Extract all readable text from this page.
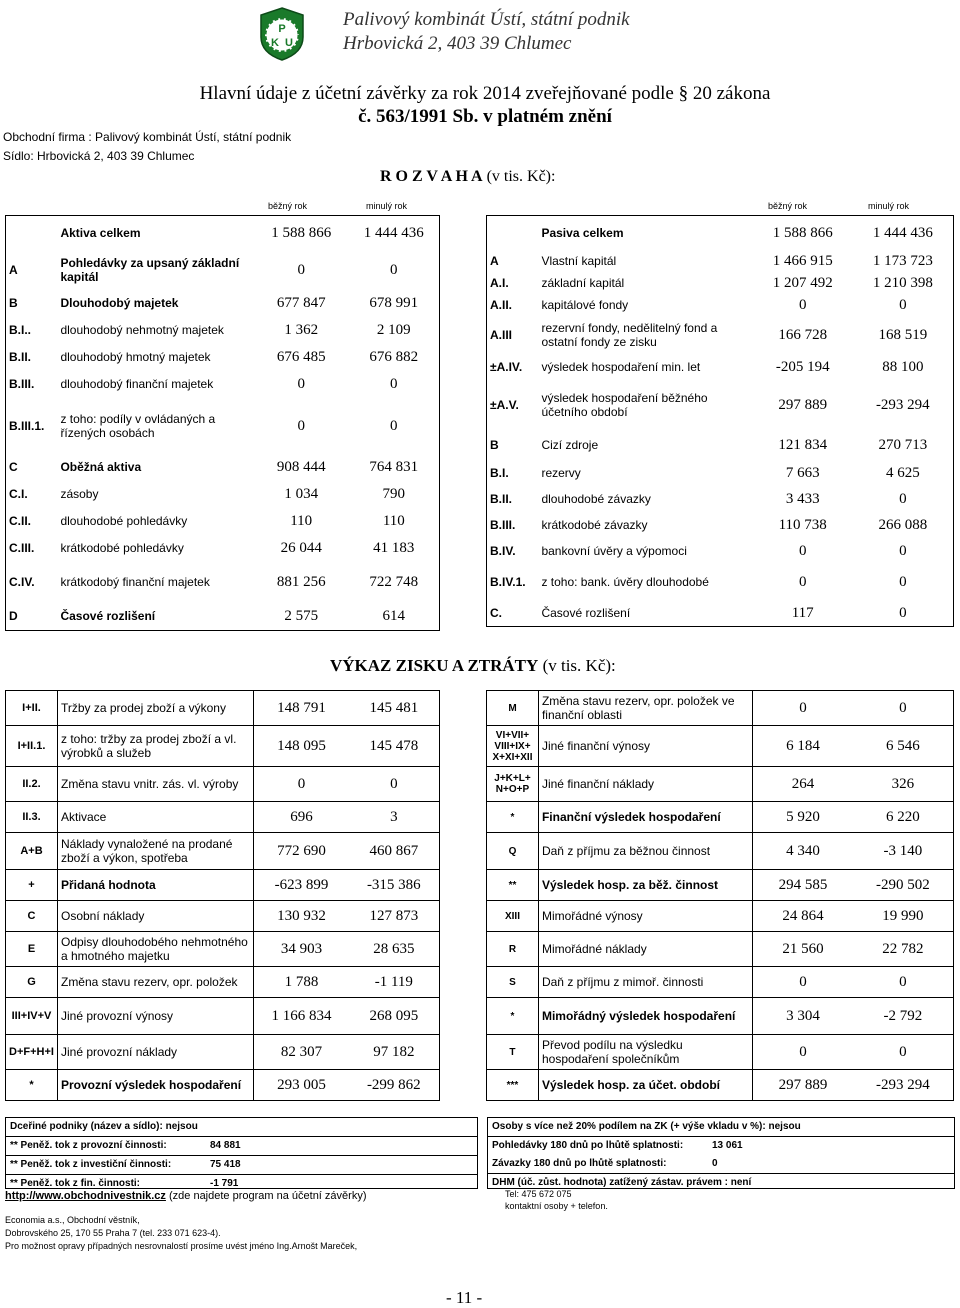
P
K U
Palivový kombinát Ústí, státní podnik
Hrbovická 2, 403 39 Chlumec
Hlavní údaje z účetní závěrky za rok 2014 zveřejňované podle § 20 zákona
č. 563/1991 Sb. v platném znění
Obchodní firma : Palivový kombinát Ústí, státní podnik
Sídlo: Hrbovická 2, 403 39 Chlumec
R O Z V A H A (v tis. Kč):
běžný rok	minulý rok	běžný rok	minulý rok
	Aktiva celkem	1 588 866	1 444 436
A	Pohledávky za upsaný základní kapitál	0	0
B	Dlouhodobý majetek	677 847	678 991
B.I..	dlouhodobý nehmotný majetek	1 362	2 109
B.II.	dlouhodobý hmotný majetek	676 485	676 882
B.III.	dlouhodobý finanční majetek	0	0
B.III.1.	z toho: podíly v ovládaných a řízených osobách	0	0
C	Oběžná aktiva	908 444	764 831
C.I.	zásoby	1 034	790
C.II.	dlouhodobé pohledávky	110	110
C.III.	krátkodobé pohledávky	26 044	41 183
C.IV.	krátkodobý finanční majetek	881 256	722 748
D	Časové rozlišení	2 575	614
	Pasiva celkem	1 588 866	1 444 436
A	Vlastní kapitál	1 466 915	1 173 723
A.I.	základní kapitál	1 207 492	1 210 398
A.II.	kapitálové fondy	0	0
A.III	rezervní fondy, nedělitelný fond a ostatní fondy ze zisku	166 728	168 519
±A.IV.	výsledek hospodaření min. let	-205 194	88 100
±A.V.	výsledek hospodaření běžného účetního období	297 889	-293 294
B	Cizí zdroje	121 834	270 713
B.I.	rezervy	7 663	4 625
B.II.	dlouhodobé závazky	3 433	0
B.III.	krátkodobé závazky	110 738	266 088
B.IV.	bankovní úvěry a výpomoci	0	0
B.IV.1.	z toho: bank. úvěry dlouhodobé	0	0
C.	Časové rozlišení	117	0
VÝKAZ ZISKU A ZTRÁTY (v tis. Kč):
I+II.	Tržby za prodej zboží a výkony	148 791	145 481
I+II.1.	z toho: tržby za prodej zboží a vl. výrobků a služeb	148 095	145 478
II.2.	Změna stavu vnitr. zás. vl. výroby	0	0
II.3.	Aktivace	696	3
A+B	Náklady vynaložené na prodané zboží a výkon, spotřeba	772 690	460 867
+	Přidaná hodnota	-623 899	-315 386
C	Osobní náklady	130 932	127 873
E	Odpisy dlouhodobého nehmotného a hmotného majetku	34 903	28 635
G	Změna stavu rezerv, opr. položek	1 788	-1 119
III+IV+V	Jiné provozní výnosy	1 166 834	268 095
D+F+H+I	Jiné provozní náklady	82 307	97 182
*	Provozní výsledek hospodaření	293 005	-299 862
M	Změna stavu rezerv, opr. položek ve finanční oblasti	0	0
VI+VII+ VIII+IX+ X+XI+XII	Jiné finanční výnosy	6 184	6 546
J+K+L+ N+O+P	Jiné finanční náklady	264	326
*	Finanční výsledek hospodaření	5 920	6 220
Q	Daň z příjmu za běžnou činnost	4 340	-3 140
**	Výsledek hosp. za běž. činnost	294 585	-290 502
XIII	Mimořádné výnosy	24 864	19 990
R	Mimořádné náklady	21 560	22 782
S	Daň z příjmu z mimoř. činnosti	0	0
*	Mimořádný výsledek hospodaření	3 304	-2 792
T	Převod podílu na výsledku hospodaření společníkům	0	0
***	Výsledek hosp. za účet. období	297 889	-293 294
Dceřiné podniky (název a sídlo): nejsou
** Peněž. tok z provozní činnosti:	84 881
** Peněž. tok z investiční činnosti:	75 418
** Peněž. tok z fin. činnosti:	-1 791
Osoby s více než 20% podílem na ZK (+ výše vkladu v %): nejsou
Pohledávky 180 dnů po lhůtě splatnosti:	13 061
Závazky 180 dnů po lhůtě splatnosti:	0
DHM (úč. zůst. hodnota) zatížený zástav. právem : není
http://www.obchodnivestnik.cz (zde najdete program na účetní závěrky)	Tel: 475 672 075
kontaktní osoby + telefon.
Economia a.s., Obchodní věstník,
Dobrovského 25, 170 55 Praha 7 (tel. 233 071 623-4).
Pro možnost opravy případných nesrovnalostí prosíme uvést jméno Ing.Arnošt Mareček,
- 11 -
